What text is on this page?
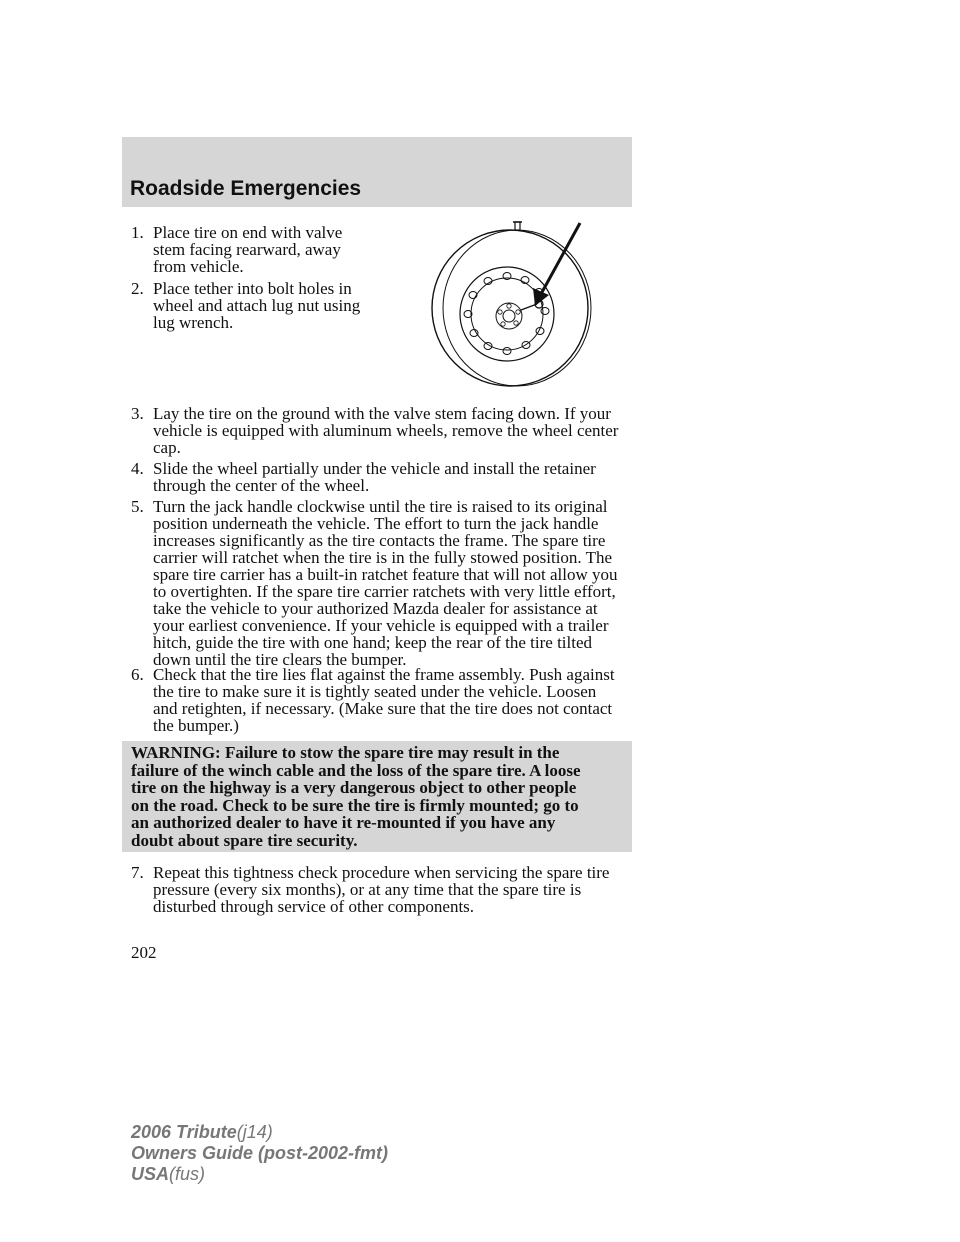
Roadside Emergencies
1. Place tire on end with valve
stem facing rearward, away
from vehicle.
2. Place tether into bolt holes in
wheel and attach lug nut using
lug wrench.
3. Lay the tire on the ground with the valve stem facing down. If your
vehicle is equipped with aluminum wheels, remove the wheel center
cap.
4. Slide the wheel partially under the vehicle and install the retainer
through the center of the wheel.
5. Turn the jack handle clockwise until the tire is raised to its original
position underneath the vehicle. The effort to turn the jack handle
increases significantly as the tire contacts the frame. The spare tire
carrier will ratchet when the tire is in the fully stowed position. The
spare tire carrier has a built-in ratchet feature that will not allow you
to overtighten. If the spare tire carrier ratchets with very little effort,
take the vehicle to your authorized Mazda dealer for assistance at
your earliest convenience. If your vehicle is equipped with a trailer
hitch, guide the tire with one hand; keep the rear of the tire tilted
down until the tire clears the bumper.
6. Check that the tire lies flat against the frame assembly. Push against
the tire to make sure it is tightly seated under the vehicle. Loosen
and retighten, if necessary. (Make sure that the tire does not contact
the bumper.)
WARNING: Failure to stow the spare tire may result in the
failure of the winch cable and the loss of the spare tire. A loose
tire on the highway is a very dangerous object to other people
on the road. Check to be sure the tire is firmly mounted; go to
an authorized dealer to have it re-mounted if you have any
doubt about spare tire security.
7. Repeat this tightness check procedure when servicing the spare tire
pressure (every six months), or at any time that the spare tire is
disturbed through service of other components.
202
2006 Tribute(j14)
Owners Guide (post-2002-fmt)
USA(fus)
